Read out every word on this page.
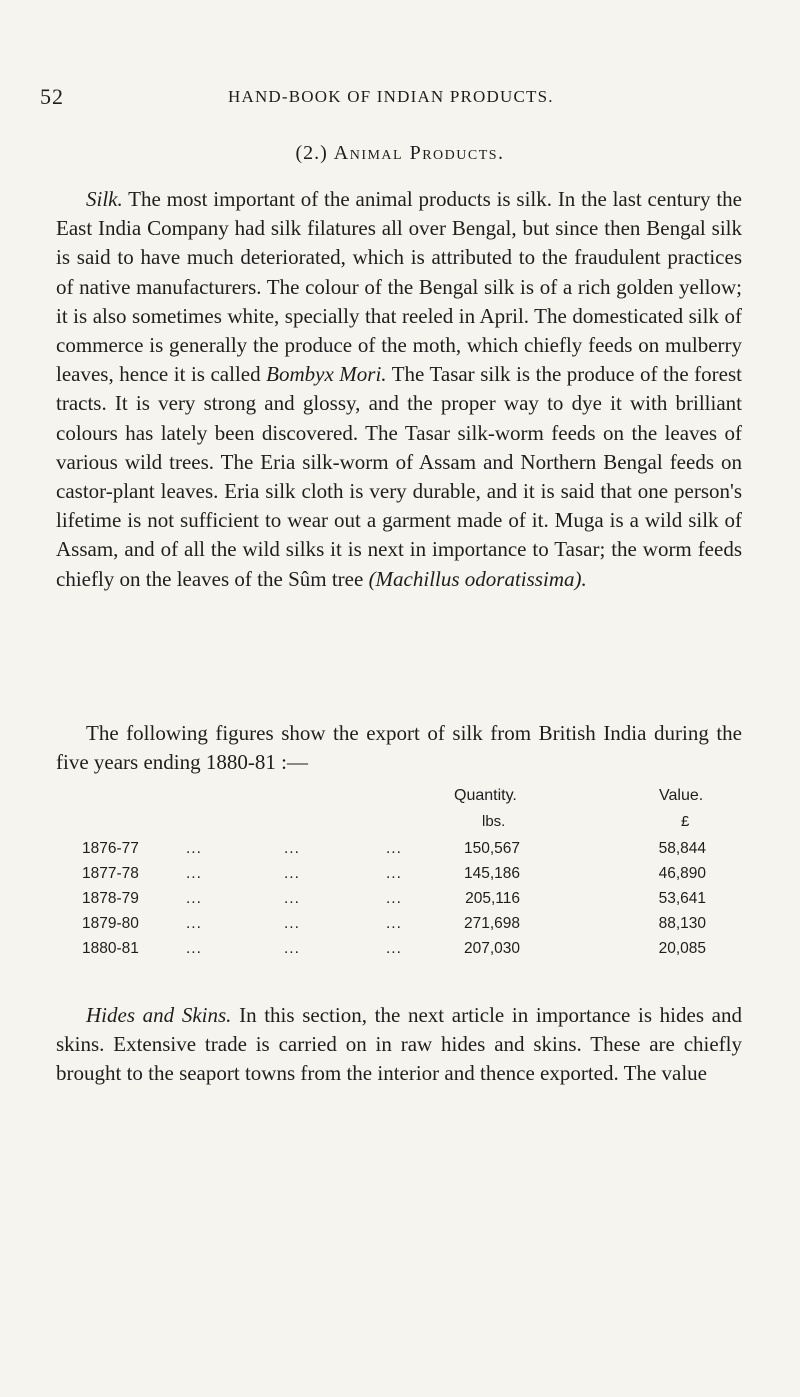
52	HAND-BOOK OF INDIAN PRODUCTS.
(2.) Animal Products.

Silk. The most important of the animal products is silk. In the last century the East India Company had silk filatures all over Bengal, but since then Bengal silk is said to have much deteriorated, which is attributed to the fraudulent practices of native manufacturers. The colour of the Bengal silk is of a rich golden yellow; it is also sometimes white, specially that reeled in April. The domesticated silk of commerce is generally the produce of the moth, which chiefly feeds on mulberry leaves, hence it is called Bombyx Mori. The Tasar silk is the produce of the forest tracts. It is very strong and glossy, and the proper way to dye it with brilliant colours has lately been discovered. The Tasar silk-worm feeds on the leaves of various wild trees. The Eria silk-worm of Assam and Northern Bengal feeds on castor-plant leaves. Eria silk cloth is very durable, and it is said that one person's lifetime is not sufficient to wear out a garment made of it. Muga is a wild silk of Assam, and of all the wild silks it is next in importance to Tasar; the worm feeds chiefly on the leaves of the Sûm tree (Machillus odoratissima).

The following figures show the export of silk from British India during the five years ending 1880-81 :—

Quantity.	Value.
lbs.	£
1876-77	...	...	...	150,567	58,844
1877-78	...	...	...	145,186	46,890
1878-79	...	...	...	205,116	53,641
1879-80	...	...	...	271,698	88,130
1880-81	...	...	...	207,030	20,085

Hides and Skins. In this section, the next article in importance is hides and skins. Extensive trade is carried on in raw hides and skins. These are chiefly brought to the seaport towns from the interior and thence exported. The value
